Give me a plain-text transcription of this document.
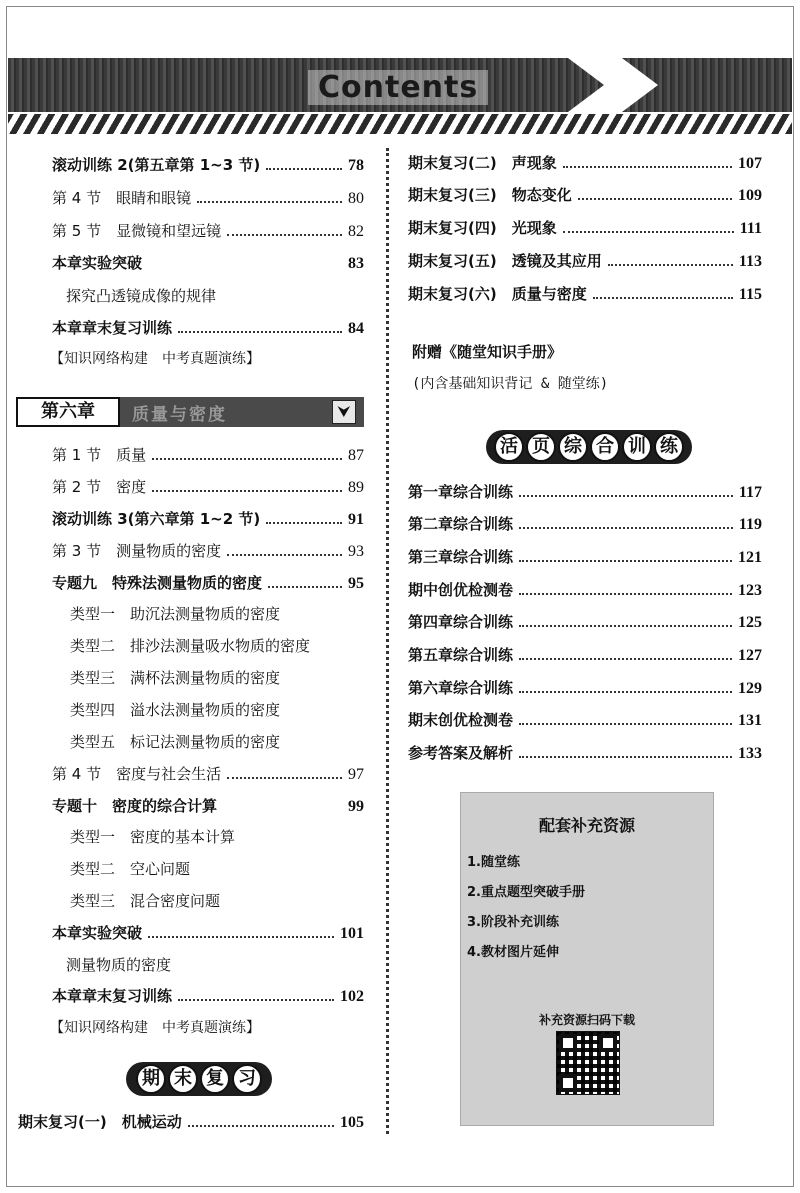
Contents
滚动训练 2(第五章第 1~3 节)	78
第 4 节　眼睛和眼镜	80
第 5 节　显微镜和望远镜	82
本章实验突破	83
探究凸透镜成像的规律
本章章末复习训练	84
【知识网络构建　中考真题演练】
第六章	质量与密度	⮟
第 1 节　质量	87
第 2 节　密度	89
滚动训练 3(第六章第 1~2 节)	91
第 3 节　测量物质的密度	93
专题九　特殊法测量物质的密度	95
类型一　助沉法测量物质的密度
类型二　排沙法测量吸水物质的密度
类型三　满杯法测量物质的密度
类型四　溢水法测量物质的密度
类型五　标记法测量物质的密度
第 4 节　密度与社会生活	97
专题十　密度的综合计算	99
类型一　密度的基本计算
类型二　空心问题
类型三　混合密度问题
本章实验突破	101
测量物质的密度
本章章末复习训练	102
【知识网络构建　中考真题演练】
期 末 复 习
期末复习(一)　机械运动	105
期末复习(二)　声现象	107
期末复习(三)　物态变化	109
期末复习(四)　光现象	111
期末复习(五)　透镜及其应用	113
期末复习(六)　质量与密度	115
附赠《随堂知识手册》
(内含基础知识背记 & 随堂练)
活 页 综 合 训 练
第一章综合训练	117
第二章综合训练	119
第三章综合训练	121
期中创优检测卷	123
第四章综合训练	125
第五章综合训练	127
第六章综合训练	129
期末创优检测卷	131
参考答案及解析	133
配套补充资源
1.随堂练
2.重点题型突破手册
3.阶段补充训练
4.教材图片延伸
补充资源扫码下载
